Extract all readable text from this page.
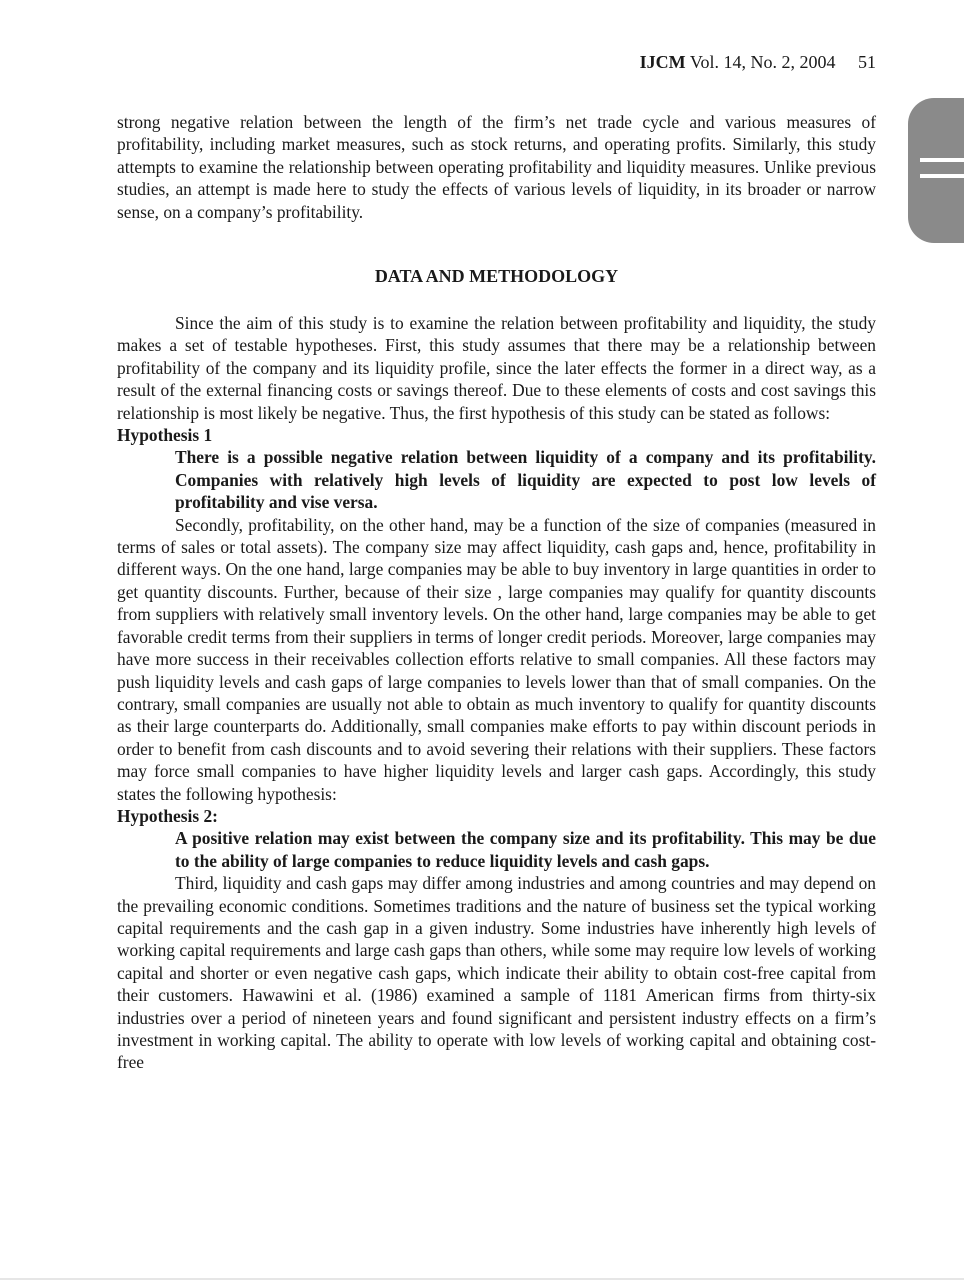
IJCM Vol. 14, No. 2, 2004 51

strong negative relation between the length of the firm’s net trade cycle and various measures of profitability, including market measures, such as stock returns, and operating profits. Similarly, this study attempts to examine the relationship between operating profitability and liquidity measures. Unlike previous studies, an attempt is made here to study the effects of various levels of liquidity, in its broader or narrow sense, on a company’s profitability.

DATA AND METHODOLOGY

Since the aim of this study is to examine the relation between profitability and liquidity, the study makes a set of testable hypotheses. First, this study assumes that there may be a relationship between profitability of the company and its liquidity profile, since the later effects the former in a direct way, as a result of the external financing costs or savings thereof. Due to these elements of costs and cost savings this relationship is most likely be negative. Thus, the first hypothesis of this study can be stated as follows:

Hypothesis 1

There is a possible negative relation between liquidity of a company and its profitability. Companies with relatively high levels of liquidity are expected to post low levels of profitability and vise versa.

Secondly, profitability, on the other hand, may be a function of the size of companies (measured in terms of sales or total assets). The company size may affect liquidity, cash gaps and, hence, profitability in different ways. On the one hand, large companies may be able to buy inventory in large quantities in order to get quantity discounts. Further, because of their size , large companies may qualify for quantity discounts from suppliers with relatively small inventory levels. On the other hand, large companies may be able to get favorable credit terms from their suppliers in terms of longer credit periods. Moreover, large companies may have more success in their receivables collection efforts relative to small companies. All these factors may push liquidity levels and cash gaps of large companies to levels lower than that of small companies. On the contrary, small companies are usually not able to obtain as much inventory to qualify for quantity discounts as their large counterparts do. Additionally, small companies make efforts to pay within discount periods in order to benefit from cash discounts and to avoid severing their relations with their suppliers. These factors may force small companies to have higher liquidity levels and larger cash gaps. Accordingly, this study states the following hypothesis:

Hypothesis 2:

A positive relation may exist between the company size and its profitability. This may be due to the ability of large companies to reduce liquidity levels and cash gaps.

Third, liquidity and cash gaps may differ among industries and among countries and may depend on the prevailing economic conditions. Sometimes traditions and the nature of business set the typical working capital requirements and the cash gap in a given industry. Some industries have inherently high levels of working capital requirements and large cash gaps than others, while some may require low levels of working capital and shorter or even negative cash gaps, which indicate their ability to obtain cost-free capital from their customers. Hawawini et al. (1986) examined a sample of 1181 American firms from thirty-six industries over a period of nineteen years and found significant and persistent industry effects on a firm’s investment in working capital. The ability to operate with low levels of working capital and obtaining cost-free
